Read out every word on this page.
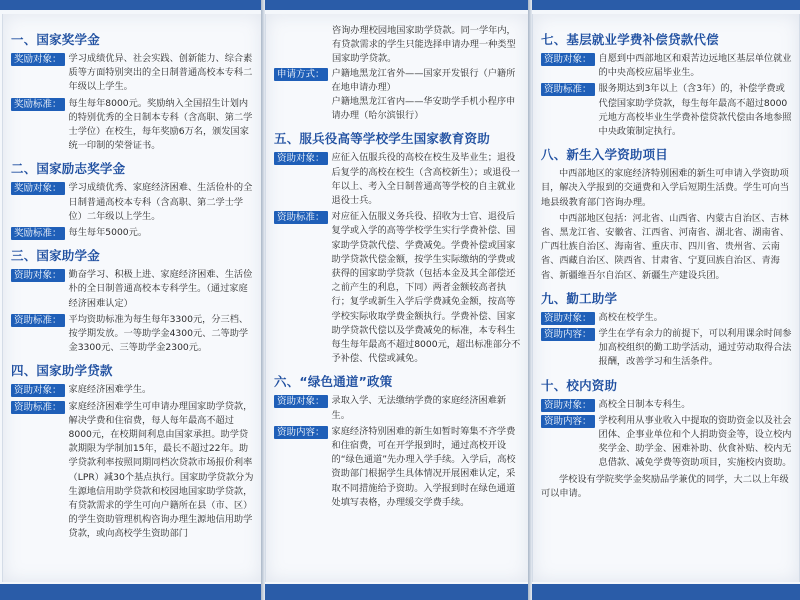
一、国家奖学金
奖励对象： 学习成绩优异、社会实践、创新能力、综合素质等方面特别突出的全日制普通高校本专科二年级以上学生。
奖励标准： 每生每年8000元。奖励纳入全国招生计划内的特别优秀的全日制本专科（含高职、第二学士学位）在校生，每年奖励6万名，颁发国家统一印制的荣誉证书。
二、国家励志奖学金
奖励对象： 学习成绩优秀、家庭经济困难、生活俭朴的全日制普通高校本专科（含高职、第二学士学位）二年级以上学生。
奖励标准： 每生每年5000元。
三、国家助学金
资助对象： 勤奋学习、积极上进、家庭经济困难、生活俭朴的全日制普通高校本专科学生。（通过家庭经济困难认定）
资助标准： 平均资助标准为每生每年3300元，分三档、按学期发放。一等助学金4300元、二等助学金3300元、三等助学金2300元。
四、国家助学贷款
资助对象： 家庭经济困难学生。
资助标准： 家庭经济困难学生可申请办理国家助学贷款，解决学费和住宿费，每人每年最高不超过8000元，在校期间利息由国家承担。助学贷款期限为学制加15年，最长不超过22年。助学贷款利率按照同期同档次贷款市场报价利率（LPR）减30个基点执行。国家助学贷款分为生源地信用助学贷款和校园地国家助学贷款，有贷款需求的学生可向户籍所在县（市、区）的学生资助管理机构咨询办理生源地信用助学贷款，或向高校学生资助部门

咨询办理校园地国家助学贷款。同一学年内，有贷款需求的学生只能选择申请办理一种类型国家助学贷款。

申请方式： 户籍地黑龙江省外——国家开发银行（户籍所在地申请办理）
户籍地黑龙江省内——华安助学手机小程序申请办理（哈尔滨银行）
五、服兵役高等学校学生国家教育资助
资助对象： 应征入伍服兵役的高校在校生及毕业生；退役后复学的高校在校生（含高校新生）；或退役一年以上、考入全日制普通高等学校的自主就业退役士兵。
资助标准： 对应征入伍服义务兵役、招收为士官、退役后复学或入学的高等学校学生实行学费补偿、国家助学贷款代偿、学费减免。学费补偿或国家助学贷款代偿金额，按学生实际缴纳的学费或获得的国家助学贷款（包括本金及其全部偿还之前产生的利息，下同）两者金额较高者执行；复学或新生入学后学费减免金额，按高等学校实际收取学费金额执行。学费补偿、国家助学贷款代偿以及学费减免的标准，本专科生每生每年最高不超过8000元，超出标准部分不予补偿、代偿或减免。
六、“绿色通道”政策
资助对象： 录取入学、无法缴纳学费的家庭经济困难新生。
资助内容： 家庭经济特别困难的新生如暂时筹集不齐学费和住宿费，可在开学报到时，通过高校开设的“绿色通道”先办理入学手续。入学后，高校资助部门根据学生具体情况开展困难认定，采取不同措施给予资助。入学报到时在绿色通道处填写表格，办理缓交学费手续。
七、基层就业学费补偿贷款代偿
资助对象： 自愿到中西部地区和艰苦边远地区基层单位就业的中央高校应届毕业生。
资助标准： 服务期达到3年以上（含3年）的，补偿学费或代偿国家助学贷款，每生每年最高不超过8000元地方高校毕业生学费补偿贷款代偿由各地参照中央政策制定执行。
八、新生入学资助项目

中西部地区的家庭经济特别困难的新生可申请入学资助项目，解决入学报到的交通费和入学后短期生活费。学生可向当地县级教育部门咨询办理。

中西部地区包括：河北省、山西省、内蒙古自治区、吉林省、黑龙江省、安徽省、江西省、河南省、湖北省、湖南省、广西壮族自治区、海南省、重庆市、四川省、贵州省、云南省、西藏自治区、陕西省、甘肃省、宁夏回族自治区、青海省、新疆维吾尔自治区、新疆生产建设兵团。

九、勤工助学
资助对象： 高校在校学生。
资助内容： 学生在学有余力的前提下，可以利用课余时间参加高校组织的勤工助学活动，通过劳动取得合法报酬，改善学习和生活条件。
十、校内资助
资助对象： 高校全日制本专科生。
资助内容： 学校利用从事业收入中提取的资助资金以及社会团体、企事业单位和个人捐助资金等，设立校内奖学金、助学金、困难补助、伙食补贴、校内无息借款、减免学费等资助项目，实施校内资助。

学校设有学院奖学金奖励品学兼优的同学，大二以上年级可以申请。
